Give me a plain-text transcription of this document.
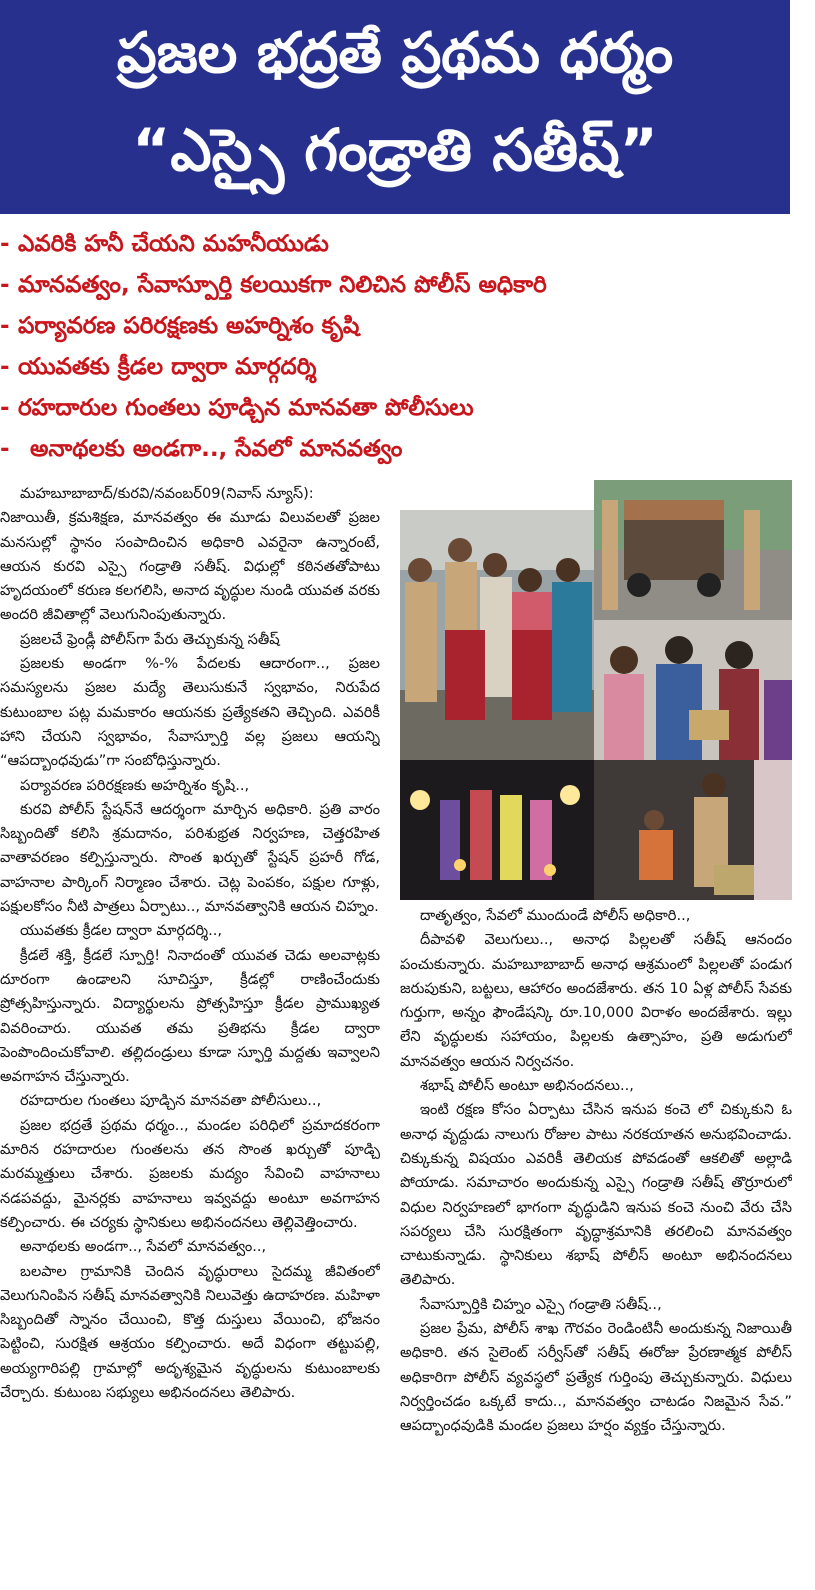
ప్రజల భద్రతే ప్రథమ ధర్మం
“ఎస్సై గండ్రాతి సతీష్”
- ఎవరికి హనీ చేయని మహనీయుడు
- మానవత్వం, సేవాస్పూర్తి కలయికగా నిలిచిన పోలీస్ అధికారి
- పర్యావరణ పరిరక్షణకు అహర్నిశం కృషి
- యువతకు క్రీడల ద్వారా మార్గదర్శి
- రహదారుల గుంతలు పూడ్చిన మానవతా పోలీసులు
- అనాథలకు అండగా.., సేవలో మానవత్వం

మహబూబాబాద్/కురవి/నవంబర్09(నివాస్ న్యూస్):

నిజాయితీ, క్రమశిక్షణ, మానవత్వం ఈ మూడు విలువలతో ప్రజల మనసుల్లో స్థానం సంపాదించిన అధికారి ఎవరైనా ఉన్నారంటే, ఆయన కురవి ఎస్సై గండ్రాతి సతీష్. విధుల్లో కఠినతతోపాటు హృదయంలో కరుణ కలగలిసి, అనాద వృద్ధుల నుండి యువత వరకు అందరి జీవితాల్లో వెలుగునింపుతున్నారు.

ప్రజలచే ఫ్రెండ్లీ పోలీస్‌గా పేరు తెచ్చుకున్న సతీష్

ప్రజలకు అండగా %-% పేదలకు ఆదారంగా.., ప్రజల సమస్యలను ప్రజల మద్యే తెలుసుకునే స్వభావం, నిరుపేద కుటుంబాల పట్ల మమకారం ఆయనకు ప్రత్యేకతని తెచ్చింది. ఎవరికీ హాని చేయని స్వభావం, సేవాస్పూర్తి వల్ల ప్రజలు ఆయన్ని “ఆపద్బాంధవుడు”గా సంబోధిస్తున్నారు.

పర్యావరణ పరిరక్షణకు అహర్నిశం కృషి..,

కురవి పోలీస్ స్టేషన్‌నే ఆదర్శంగా మార్చిన అధికారి. ప్రతి వారం సిబ్బందితో కలిసి శ్రమదానం, పరిశుభ్రత నిర్వహణ, చెత్తరహిత వాతావరణం కల్పిస్తున్నారు. సొంత ఖర్చుతో స్టేషన్ ప్రహరీ గోడ, వాహనాల పార్కింగ్ నిర్మాణం చేశారు. చెట్ల పెంపకం, పక్షుల గూళ్లు, పక్షులకోసం నీటి పాత్రలు ఏర్పాటు.., మానవత్వానికి ఆయన చిహ్నం.

యువతకు క్రీడల ద్వారా మార్గదర్శి..,

క్రీడలే శక్తి, క్రీడలే స్పూర్తి! నినాదంతో యువత చెడు అలవాట్లకు దూరంగా ఉండాలని సూచిస్తూ, క్రీడల్లో రాణించేందుకు ప్రోత్సహిస్తున్నారు. విద్యార్థులను ప్రోత్సహిస్తూ క్రీడల ప్రాముఖ్యత వివరించారు. యువత తమ ప్రతిభను క్రీడల ద్వారా పెంపొందించుకోవాలి. తల్లిదండ్రులు కూడా స్ఫూర్తి మద్దతు ఇవ్వాలని అవగాహన చేస్తున్నారు.

రహదారుల గుంతలు పూడ్చిన మానవతా పోలీసులు..,

ప్రజల భద్రతే ప్రథమ ధర్మం.., మండల పరిధిలో ప్రమాదకరంగా మారిన రహదారుల గుంతలను తన సొంత ఖర్చుతో పూడ్చి మరమ్మత్తులు చేశారు. ప్రజలకు మద్యం సేవించి వాహనాలు నడపవద్దు, మైనర్లకు వాహనాలు ఇవ్వవద్దు అంటూ అవగాహన కల్పించారు. ఈ చర్యకు స్థానికులు అభినందనలు తెల్లివెత్తించారు.

అనాథలకు అండగా.., సేవలో మానవత్వం..,

బలపాల గ్రామానికి చెందిన వృద్ధురాలు సైదమ్మ జీవితంలో వెలుగునింపిన సతీష్ మానవత్వానికి నిలువెత్తు ఉదాహరణ. మహిళా సిబ్బందితో స్నానం చేయించి, కొత్త దుస్తులు వేయించి, భోజనం పెట్టించి, సురక్షిత ఆశ్రయం కల్పించారు. అదే విధంగా తట్టుపల్లి, అయ్యగారిపల్లి గ్రామాల్లో అదృశ్యమైన వృద్ధులను కుటుంబాలకు చేర్చారు. కుటుంబ సభ్యులు అభినందనలు తెలిపారు.

దాతృత్వం, సేవలో ముందుండే పోలీస్ అధికారి..,

దీపావళి వెలుగులు.., అనాధ పిల్లలతో సతీష్ ఆనందం పంచుకున్నారు. మహబూబాబాద్ అనాధ ఆశ్రమంలో పిల్లలతో పండుగ జరుపుకుని, బట్టలు, ఆహారం అందజేశారు. తన 10 ఏళ్ల పోలీస్ సేవకు గుర్తుగా, అన్నం ఫౌండేషన్కి రూ.10,000 విరాళం అందజేశారు. ఇల్లు లేని వృద్ధులకు సహాయం, పిల్లలకు ఉత్సాహం, ప్రతి అడుగులో మానవత్వం ఆయన నిర్వచనం.

శభాష్ పోలీస్ అంటూ అభినందనలు..,

ఇంటి రక్షణ కోసం ఏర్పాటు చేసిన ఇనుప కంచె లో చిక్కుకుని ఓ అనాధ వృద్దుడు నాలుగు రోజుల పాటు నరకయాతన అనుభవించాడు. చిక్కుకున్న విషయం ఎవరికీ తెలియక పోవడంతో ఆకలితో అల్లాడి పోయాడు. సమాచారం అందుకున్న ఎస్సై గండ్రాతి సతీష్ తొర్రూరులో విధుల నిర్వహణలో భాగంగా వృద్ధుడిని ఇనుప కంచె నుంచి వేరు చేసి సపర్యలు చేసి సురక్షితంగా వృద్ధాశ్రమానికి తరలించి మానవత్వం చాటుకున్నాడు. స్థానికులు శభాష్ పోలీస్ అంటూ అభినందనలు తెలిపారు.

సేవాస్పూర్తికి చిహ్నం ఎస్సై గండ్రాతి సతీష్..,

ప్రజల ప్రేమ, పోలీస్ శాఖ గౌరవం రెండింటినీ అందుకున్న నిజాయితీ అధికారి. తన సైలెంట్ సర్వీస్‌తో సతీష్ ఈరోజు ప్రేరణాత్మక పోలీస్ అధికారిగా పోలీస్ వ్యవస్థలో ప్రత్యేక గుర్తింపు తెచ్చుకున్నారు. విధులు నిర్వర్తించడం ఒక్కటే కాదు.., మానవత్వం చాటడం నిజమైన సేవ.” ఆపద్బాంధవుడికి మండల ప్రజలు హర్షం వ్యక్తం చేస్తున్నారు.
